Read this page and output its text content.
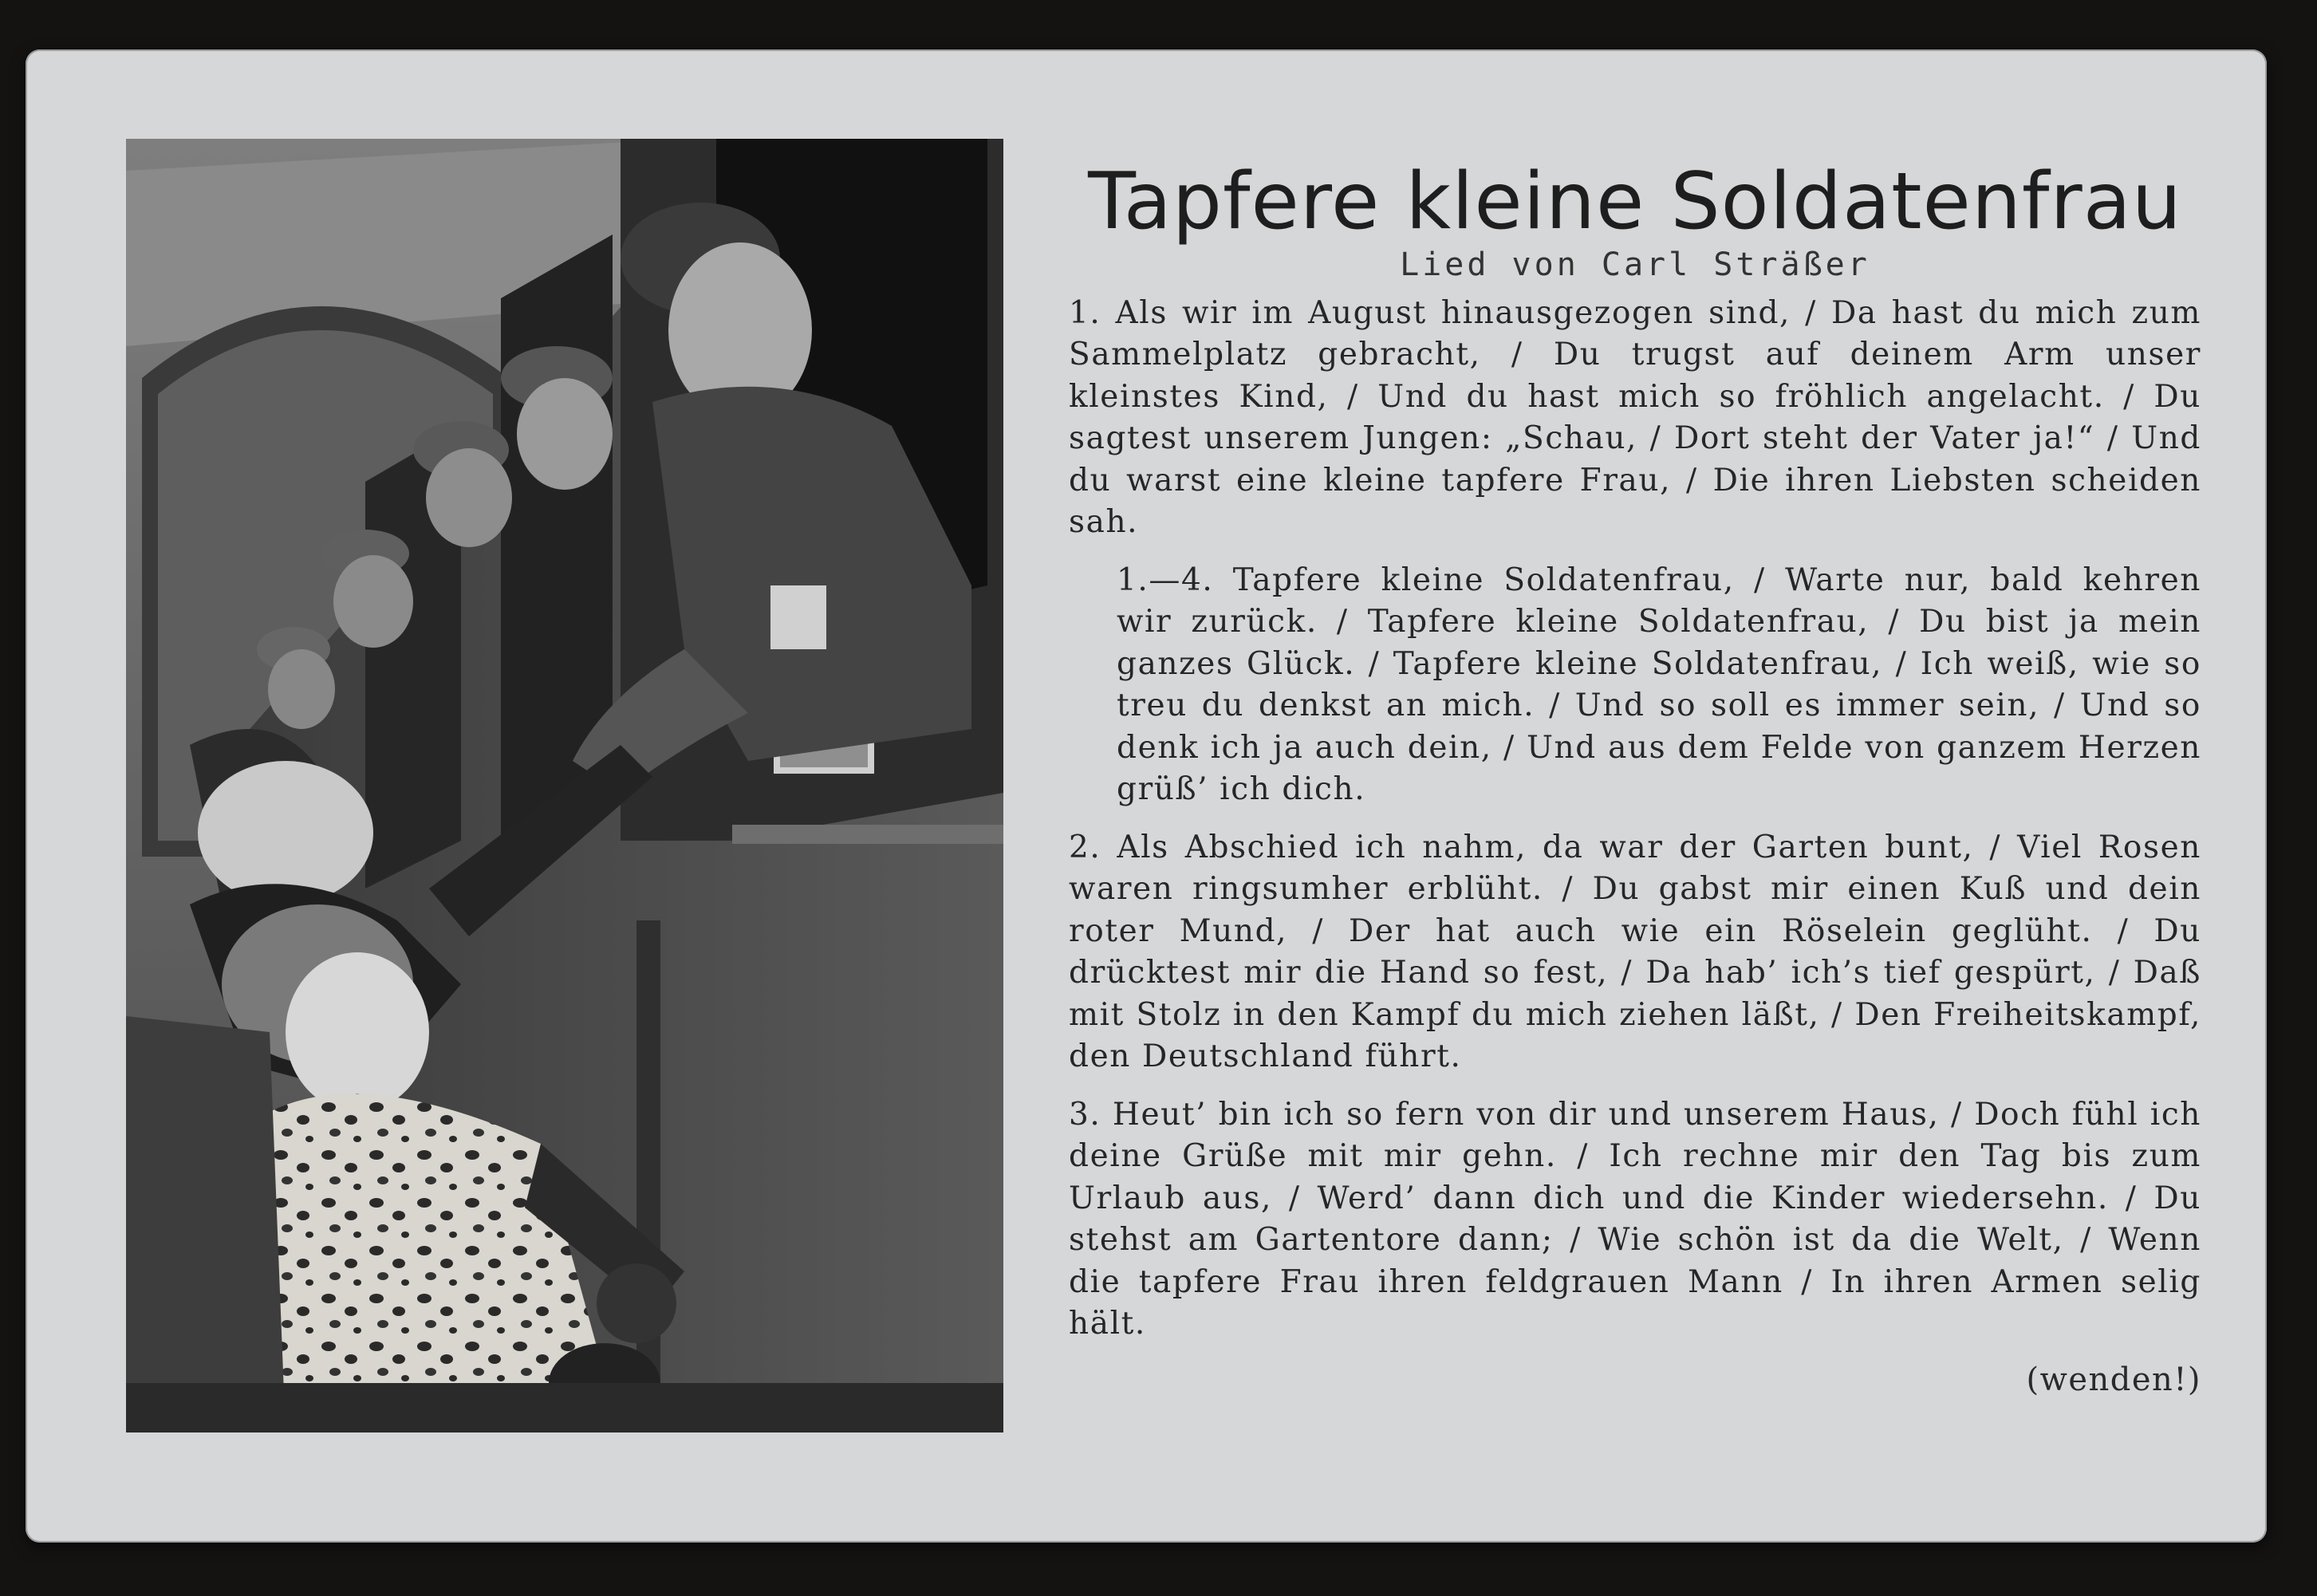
Tapfere kleine Soldatenfrau
Lied von Carl Sträßer

1. Als wir im August hinausgezogen sind, / Da hast du mich zum Sammelplatz gebracht, / Du trugst auf deinem Arm unser kleinstes Kind, / Und du hast mich so fröhlich angelacht. / Du sagtest unserem Jungen: „Schau, / Dort steht der Vater ja!“ / Und du warst eine kleine tapfere Frau, / Die ihren Liebsten scheiden sah.

1.—4. Tapfere kleine Soldatenfrau, / Warte nur, bald kehren wir zurück. / Tapfere kleine Soldatenfrau, / Du bist ja mein ganzes Glück. / Tapfere kleine Soldatenfrau, / Ich weiß, wie so treu du denkst an mich. / Und so soll es immer sein, / Und so denk ich ja auch dein, / Und aus dem Felde von ganzem Herzen grüß’ ich dich.

2. Als Abschied ich nahm, da war der Garten bunt, / Viel Rosen waren ringsumher erblüht. / Du gabst mir einen Kuß und dein roter Mund, / Der hat auch wie ein Röselein geglüht. / Du drücktest mir die Hand so fest, / Da hab’ ich’s tief gespürt, / Daß mit Stolz in den Kampf du mich ziehen läßt, / Den Freiheitskampf, den Deutschland führt.

3. Heut’ bin ich so fern von dir und unserem Haus, / Doch fühl ich deine Grüße mit mir gehn. / Ich rechne mir den Tag bis zum Urlaub aus, / Werd’ dann dich und die Kinder wiedersehn. / Du stehst am Gartentore dann; / Wie schön ist da die Welt, / Wenn die tapfere Frau ihren feldgrauen Mann / In ihren Armen selig hält.

(wenden!)
